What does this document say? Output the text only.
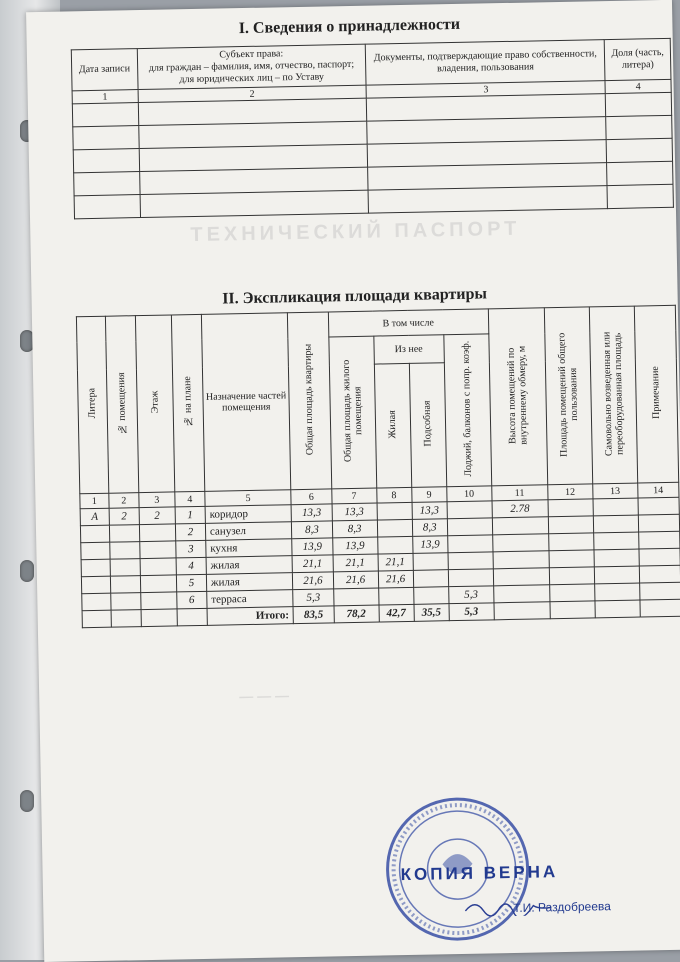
ТЕХНИЧЕСКИЙ ПАСПОРТ
— — —
I. Сведения о принадлежности
Дата записи	Субъект права:
для граждан – фамилия, имя, отчество, паспорт;
для юридических лиц – по Уставу	Документы, подтверждающие право собственности, владения, пользования	Доля (часть, литера)
1	2	3	4

II. Экспликация площади квартиры
Литера	№ помещения	Этаж	№ на плане	Назначение частей помещения	Общая площадь квартиры	В том числе				Высота помещений по внутреннему обмеру, м	Площадь помещений общего пользования	Самовольно возведенная или переоборудованная площадь	Примечание
						Общая площадь жилого помещения	Из нее		Лоджий, балконов с попр. коэф.				
							Жилая	Подсобная					
1	2	3	4	5	6	7	8	9	10	11	12	13	14
А	2	2	1	коридор	13,3	13,3		13,3		2.78			
			2	санузел	8,3	8,3		8,3					
			3	кухня	13,9	13,9		13,9					
			4	жилая	21,1	21,1	21,1						
			5	жилая	21,6	21,6	21,6						
			6	терраса	5,3				5,3				
				Итого:	83,5	78,2	42,7	35,5	5,3				
КОПИЯ ВЕРНА
Т.И. Раздобреева
